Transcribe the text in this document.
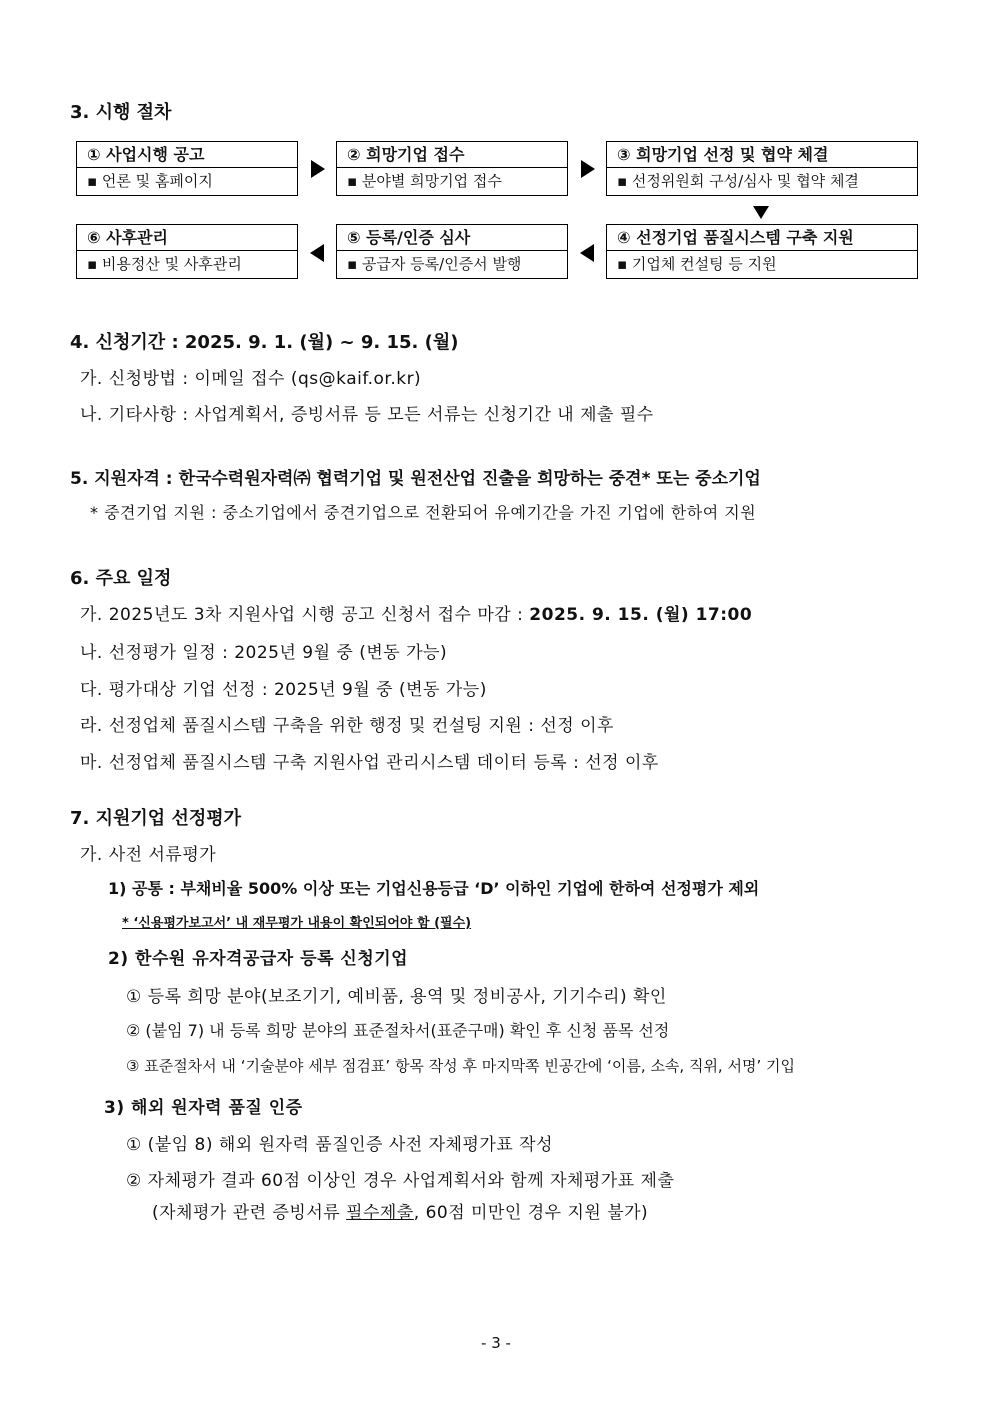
3. 시행 절차
① 사업시행 공고
▪ 언론 및 홈페이지
② 희망기업 접수
▪ 분야별 희망기업 접수
③ 희망기업 선정 및 협약 체결
▪ 선정위원회 구성/심사 및 협약 체결
⑥ 사후관리
▪ 비용정산 및 사후관리
⑤ 등록/인증 심사
▪ 공급자 등록/인증서 발행
④ 선정기업 품질시스템 구축 지원
▪ 기업체 컨설팅 등 지원
4. 신청기간 : 2025. 9. 1. (월) ~ 9. 15. (월)
가. 신청방법 : 이메일 접수 (qs@kaif.or.kr)
나. 기타사항 : 사업계획서, 증빙서류 등 모든 서류는 신청기간 내 제출 필수
5. 지원자격 : 한국수력원자력㈜ 협력기업 및 원전산업 진출을 희망하는 중견* 또는 중소기업
* 중견기업 지원 : 중소기업에서 중견기업으로 전환되어 유예기간을 가진 기업에 한하여 지원
6. 주요 일정
가. 2025년도 3차 지원사업 시행 공고 신청서 접수 마감 : 2025. 9. 15. (월) 17:00
나. 선정평가 일정 : 2025년 9월 중 (변동 가능)
다. 평가대상 기업 선정 : 2025년 9월 중 (변동 가능)
라. 선정업체 품질시스템 구축을 위한 행정 및 컨설팅 지원 : 선정 이후
마. 선정업체 품질시스템 구축 지원사업 관리시스템 데이터 등록 : 선정 이후
7. 지원기업 선정평가
가. 사전 서류평가
1) 공통 : 부채비율 500% 이상 또는 기업신용등급 ‘D’ 이하인 기업에 한하여 선정평가 제외
* ‘신용평가보고서’ 내 재무평가 내용이 확인되어야 함 (필수)
2) 한수원 유자격공급자 등록 신청기업
① 등록 희망 분야(보조기기, 예비품, 용역 및 정비공사, 기기수리) 확인
② (붙임 7) 내 등록 희망 분야의 표준절차서(표준구매) 확인 후 신청 품목 선정
③ 표준절차서 내 ‘기술분야 세부 점검표’ 항목 작성 후 마지막쪽 빈공간에 ‘이름, 소속, 직위, 서명’ 기입
3) 해외 원자력 품질 인증
① (붙임 8) 해외 원자력 품질인증 사전 자체평가표 작성
② 자체평가 결과 60점 이상인 경우 사업계획서와 함께 자체평가표 제출
(자체평가 관련 증빙서류 필수제출, 60점 미만인 경우 지원 불가)
- 3 -
